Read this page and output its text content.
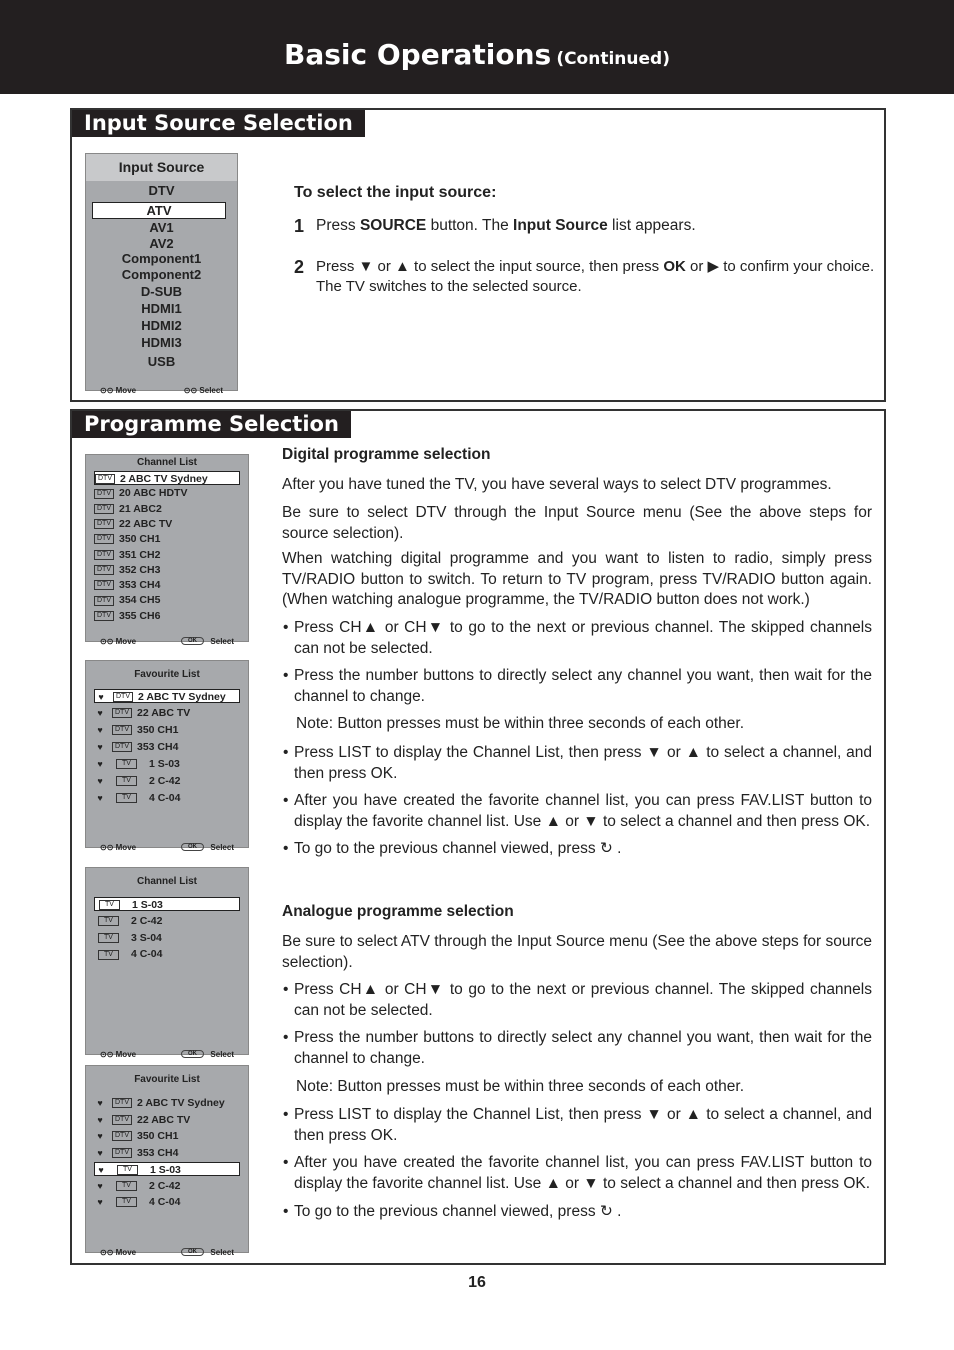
Basic Operations (Continued)
Input Source Selection
Input Source
DTV
ATV
AV1
AV2
Component1
Component2
D-SUB
HDMI1
HDMI2
HDMI3
USB
⊙⊙ Move	⊙⊙ Select
To select the input source:
1 Press SOURCE button. The Input Source list appears.
2 Press ▼ or ▲ to select the input source, then press OK or ▶ to confirm your choice.
The TV switches to the selected source.
Programme Selection
Channel List
DTV 2 ABC TV Sydney
DTV 20 ABC HDTV
DTV 21 ABC2
DTV 22 ABC TV
DTV 350 CH1
DTV 351 CH2
DTV 352 CH3
DTV 353 CH4
DTV 354 CH5
DTV 355 CH6
⊙⊙ Move	OK	Select
Favourite List
♥ DTV 2 ABC TV Sydney
♥ DTV 22 ABC TV
♥ DTV 350 CH1
♥ DTV 353 CH4
♥	TV 1 S-03
♥	TV 2 C-42
♥	TV 4 C-04
⊙⊙ Move	OK	Select
Channel List
TV 1 S-03
TV 2 C-42
TV 3 S-04
TV 4 C-04
⊙⊙ Move	OK	Select
Favourite List
♥ DTV 2 ABC TV Sydney
♥ DTV 22 ABC TV
♥ DTV 350 CH1
♥ DTV 353 CH4
♥	TV 1 S-03
♥	TV 2 C-42
♥	TV 4 C-04
⊙⊙ Move	OK	Select
Digital programme selection
After you have tuned the TV, you have several ways to select DTV programmes.
Be sure to select DTV through the Input Source menu (See the above steps for source selection).
When watching digital programme and you want to listen to radio, simply press TV/RADIO button to switch. To return to TV program, press TV/RADIO button again. (When watching analogue programme, the TV/RADIO button does not work.)
• Press CH▲ or CH▼ to go to the next or previous channel. The skipped channels can not be selected.
• Press the number buttons to directly select any channel you want, then wait for the channel to change.
Note: Button presses must be within three seconds of each other.
• Press LIST to display the Channel List, then press ▼ or ▲ to select a channel, and then press OK.
• After you have created the favorite channel list, you can press FAV.LIST button to display the favorite channel list. Use ▲ or ▼ to select a channel and then press OK.
• To go to the previous channel viewed, press ↻ .
Analogue programme selection
Be sure to select ATV through the Input Source menu (See the above steps for source selection).
• Press CH▲ or CH▼ to go to the next or previous channel. The skipped channels can not be selected.
• Press the number buttons to directly select any channel you want, then wait for the channel to change.
Note: Button presses must be within three seconds of each other.
• Press LIST to display the Channel List, then press ▼ or ▲ to select a channel, and then press OK.
• After you have created the favorite channel list, you can press FAV.LIST button to display the favorite channel list. Use ▲ or ▼ to select a channel and then press OK.
• To go to the previous channel viewed, press ↻ .
16
